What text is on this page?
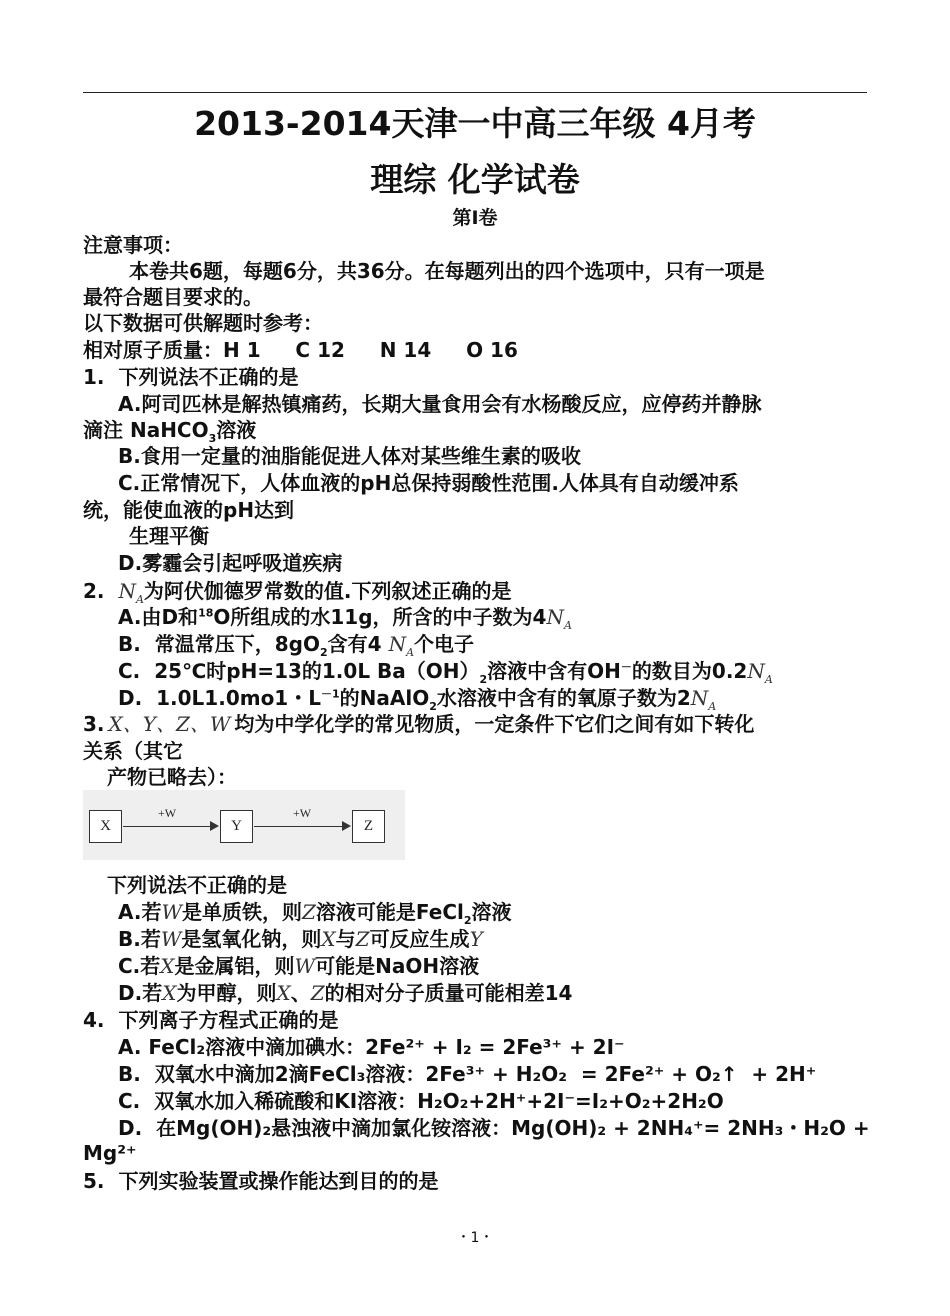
2013-2014天津一中高三年级 4月考
理综 化学试卷
第Ⅰ卷
注意事项：
本卷共6题，每题6分，共36分。在每题列出的四个选项中，只有一项是
最符合题目要求的。
以下数据可供解题时参考：
相对原子质量：H 1     C 12     N 14     O 16
1.  下列说法不正确的是
A.阿司匹林是解热镇痛药，长期大量食用会有水杨酸反应，应停药并静脉
滴注 NaHCO$_3$溶液
B.食用一定量的油脂能促进人体对某些维生素的吸收
C.正常情况下，人体血液的pH总保持弱酸性范围.人体具有自动缓冲系
统，能使血液的pH达到
生理平衡
D.雾霾会引起呼吸道疾病
2.  $N_A$为阿伏伽德罗常数的值.下列叙述正确的是
A.由D和$^{18}$O所组成的水11g，所含的中子数为$4N_A$
B.  常温常压下，$8gO_2$含有4 $N_A$个电子
C.  25℃时pH=13的1.0L $Ba(OH)_2$溶液中含有OH－的数目为$0.2N_A$
D.  1.0L1.0mo1・$L^{-1}$的NaAlO$_2$水溶液中含有的氧原子数为$2N_A$
3. X、Y、Z、W 均为中学化学的常见物质，一定条件下它们之间有如下转化
关系（其它
产物已略去）：
X
+W
Y
+W
Z
下列说法不正确的是
A.若W是单质铁，则Z溶液可能是FeCl$_2$溶液
B.若W是氢氧化钠，则X与Z可反应生成Y
C.若X是金属铝，则W可能是NaOH溶液
D.若X为甲醇，则X、Z的相对分子质量可能相差14
4.  下列离子方程式正确的是
A. FeCl₂溶液中滴加碘水：2Fe²⁺ + I₂ = 2Fe³⁺ + 2I⁻
B.  双氧水中滴加2滴FeCl₃溶液：2Fe³⁺ + H₂O₂  = 2Fe²⁺ + O₂↑  + 2H⁺
C.  双氧水加入稀硫酸和KI溶液：H₂O₂+2H⁺+2I⁻=I₂+O₂+2H₂O
D.  在Mg(OH)₂悬浊液中滴加氯化铵溶液：Mg(OH)₂ + 2NH₄⁺= 2NH₃・H₂O +
Mg²⁺
5.  下列实验装置或操作能达到目的的是
・1・
